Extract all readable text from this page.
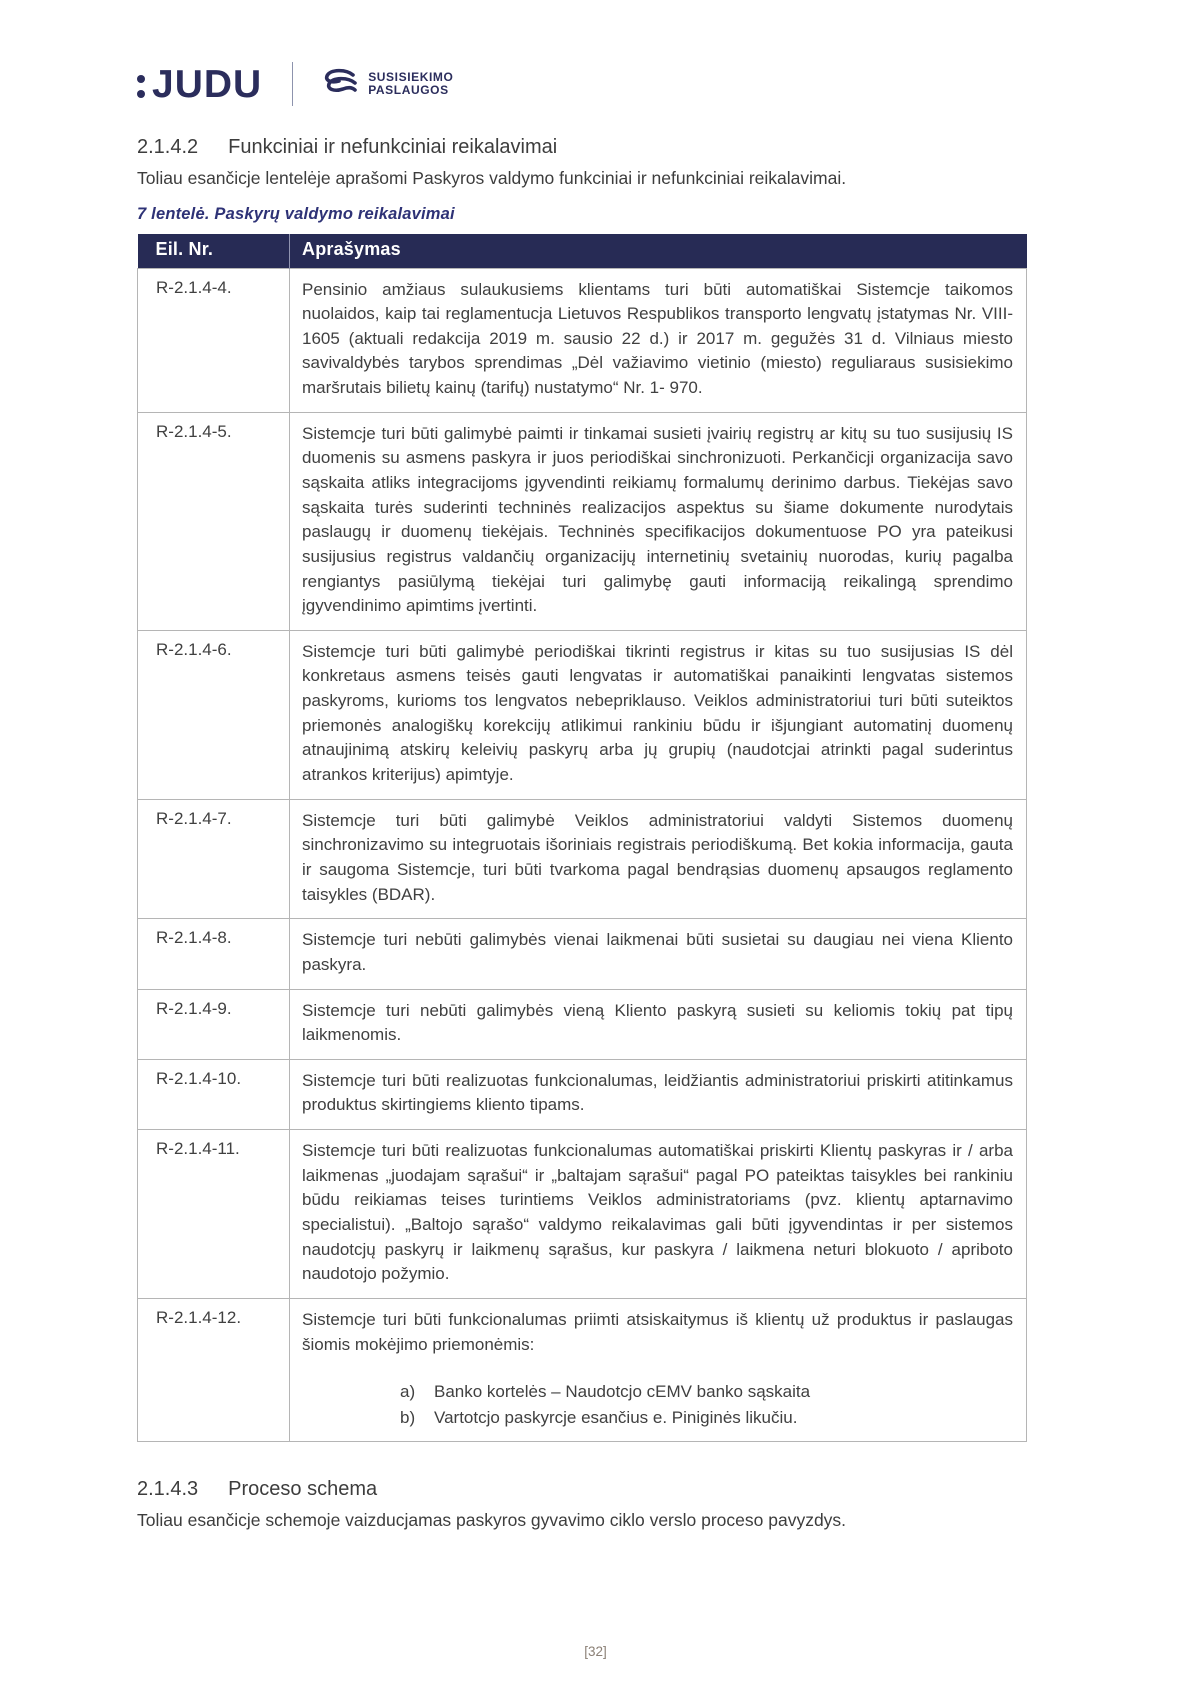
JUDU	SUSISIEKIMO
PASLAUGOS
2.1.4.2 Funkciniai ir nefunkciniai reikalavimai
Toliau esančicje lentelėje aprašomi Paskyros valdymo funkciniai ir nefunkciniai reikalavimai.
7 lentelė. Paskyrų valdymo reikalavimai
Eil. Nr.	Aprašymas
R-2.1.4-4.	Pensinio amžiaus sulaukusiems klientams turi būti automatiškai Sistemcje taikomos nuolaidos, kaip tai reglamentucja Lietuvos Respublikos transporto lengvatų įstatymas Nr. VIII-1605 (aktuali redakcija 2019 m. sausio 22 d.) ir 2017 m. gegužės 31 d. Vilniaus miesto savivaldybės tarybos sprendimas „Dėl važiavimo vietinio (miesto) reguliaraus susisiekimo maršrutais bilietų kainų (tarifų) nustatymo“ Nr. 1- 970.

R-2.1.4-5.	Sistemcje turi būti galimybė paimti ir tinkamai susieti įvairių registrų ar kitų su tuo susijusių IS duomenis su asmens paskyra ir juos periodiškai sinchronizuoti. Perkančicji organizacija savo sąskaita atliks integracijoms įgyvendinti reikiamų formalumų derinimo darbus. Tiekėjas savo sąskaita turės suderinti techninės realizacijos aspektus su šiame dokumente nurodytais paslaugų ir duomenų tiekėjais. Techninės specifikacijos dokumentuose PO yra pateikusi susijusius registrus valdančių organizacijų internetinių svetainių nuorodas, kurių pagalba rengiantys pasiūlymą tiekėjai turi galimybę gauti informaciją reikalingą sprendimo įgyvendinimo apimtims įvertinti.

R-2.1.4-6.	Sistemcje turi būti galimybė periodiškai tikrinti registrus ir kitas su tuo susijusias IS dėl konkretaus asmens teisės gauti lengvatas ir automatiškai panaikinti lengvatas sistemos paskyroms, kurioms tos lengvatos nebepriklauso. Veiklos administratoriui turi būti suteiktos priemonės analogiškų korekcijų atlikimui rankiniu būdu ir išjungiant automatinį duomenų atnaujinimą atskirų keleivių paskyrų arba jų grupių (naudotcjai atrinkti pagal suderintus atrankos kriterijus) apimtyje.

R-2.1.4-7.	Sistemcje turi būti galimybė Veiklos administratoriui valdyti Sistemos duomenų sinchronizavimo su integruotais išoriniais registrais periodiškumą. Bet kokia informacija, gauta ir saugoma Sistemcje, turi būti tvarkoma pagal bendrąsias duomenų apsaugos reglamento taisykles (BDAR).

R-2.1.4-8.	Sistemcje turi nebūti galimybės vienai laikmenai būti susietai su daugiau nei viena Kliento paskyra.

R-2.1.4-9.	Sistemcje turi nebūti galimybės vieną Kliento paskyrą susieti su keliomis tokių pat tipų laikmenomis.

R-2.1.4-10.	Sistemcje turi būti realizuotas funkcionalumas, leidžiantis administratoriui priskirti atitinkamus produktus skirtingiems kliento tipams.

R-2.1.4-11.	Sistemcje turi būti realizuotas funkcionalumas automatiškai priskirti Klientų paskyras ir / arba laikmenas „juodajam sąrašui“ ir „baltajam sąrašui“ pagal PO pateiktas taisykles bei rankiniu būdu reikiamas teises turintiems Veiklos administratoriams (pvz. klientų aptarnavimo specialistui). „Baltojo sąrašo“ valdymo reikalavimas gali būti įgyvendintas ir per sistemos naudotcjų paskyrų ir laikmenų sąrašus, kur paskyra / laikmena neturi blokuoto / apriboto naudotojo požymio.

R-2.1.4-12.	Sistemcje turi būti funkcionalumas priimti atsiskaitymus iš klientų už produktus ir paslaugas šiomis mokėjimo priemonėmis:
a) Banko kortelės – Naudotcjo cEMV banko sąskaita
b) Vartotcjo paskyrcje esančius e. Piniginės likučiu.
2.1.4.3 Proceso schema
Toliau esančicje schemoje vaizducjamas paskyros gyvavimo ciklo verslo proceso pavyzdys.
[32]
